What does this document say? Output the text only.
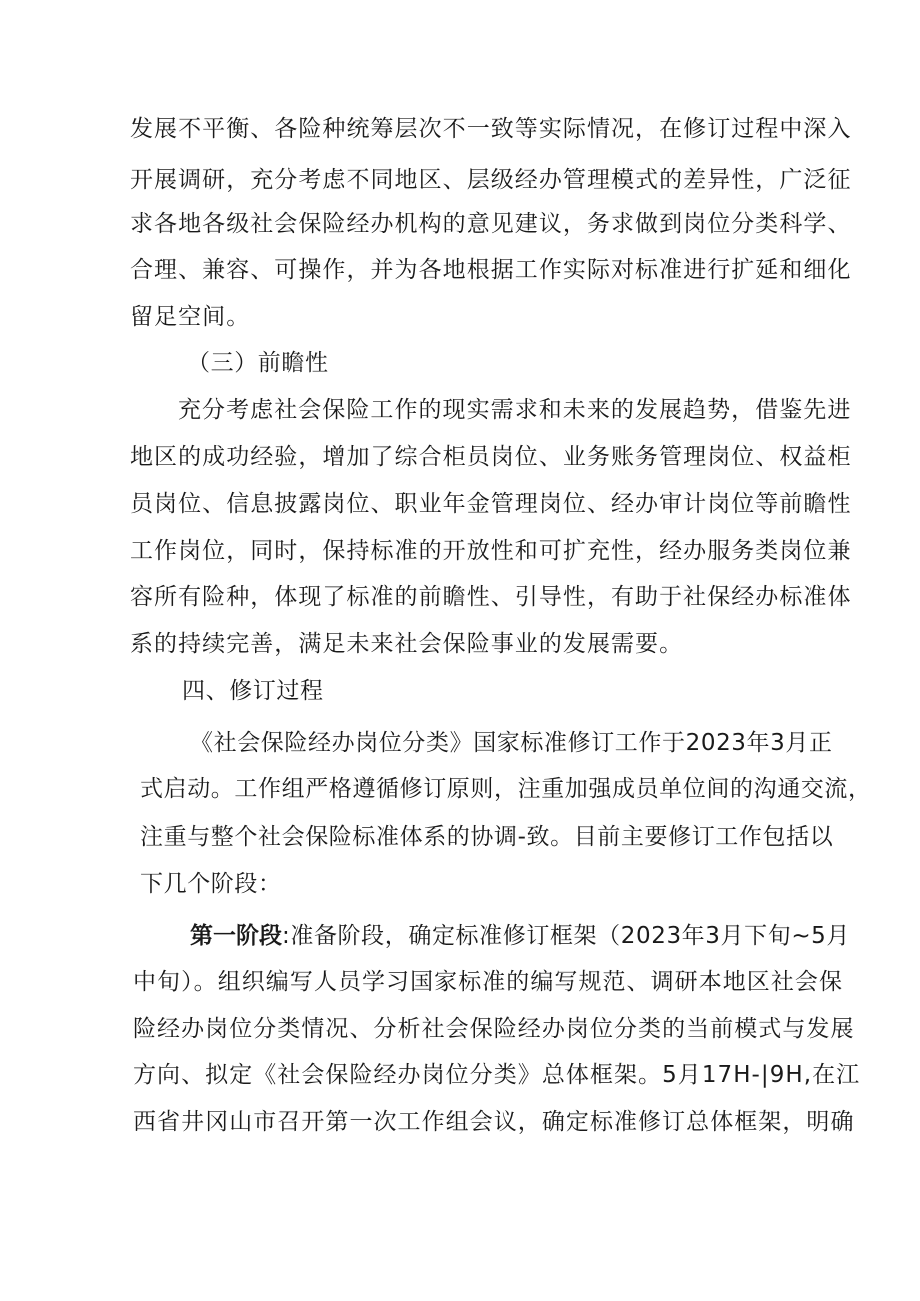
发展不平衡、各险种统筹层次不一致等实际情况，在修订过程中深入
开展调研，充分考虑不同地区、层级经办管理模式的差异性，广泛征
求各地各级社会保险经办机构的意见建议，务求做到岗位分类科学、
合理、兼容、可操作，并为各地根据工作实际对标准进行扩延和细化
留足空间。
（三）前瞻性
充分考虑社会保险工作的现实需求和未来的发展趋势，借鉴先进
地区的成功经验，增加了综合柜员岗位、业务账务管理岗位、权益柜
员岗位、信息披露岗位、职业年金管理岗位、经办审计岗位等前瞻性
工作岗位，同时，保持标准的开放性和可扩充性，经办服务类岗位兼
容所有险种，体现了标准的前瞻性、引导性，有助于社保经办标准体
系的持续完善，满足未来社会保险事业的发展需要。
四、修订过程
《社会保险经办岗位分类》国家标准修订工作于2023年3月正
式启动。工作组严格遵循修订原则，注重加强成员单位间的沟通交流，
注重与整个社会保险标准体系的协调-致。目前主要修订工作包括以
下几个阶段：
第一阶段:准备阶段，确定标准修订框架（2023年3月下旬~5月
中旬）。组织编写人员学习国家标准的编写规范、调研本地区社会保
险经办岗位分类情况、分析社会保险经办岗位分类的当前模式与发展
方向、拟定《社会保险经办岗位分类》总体框架。5月17H-|9H,在江
西省井冈山市召开第一次工作组会议，确定标准修订总体框架，明确
